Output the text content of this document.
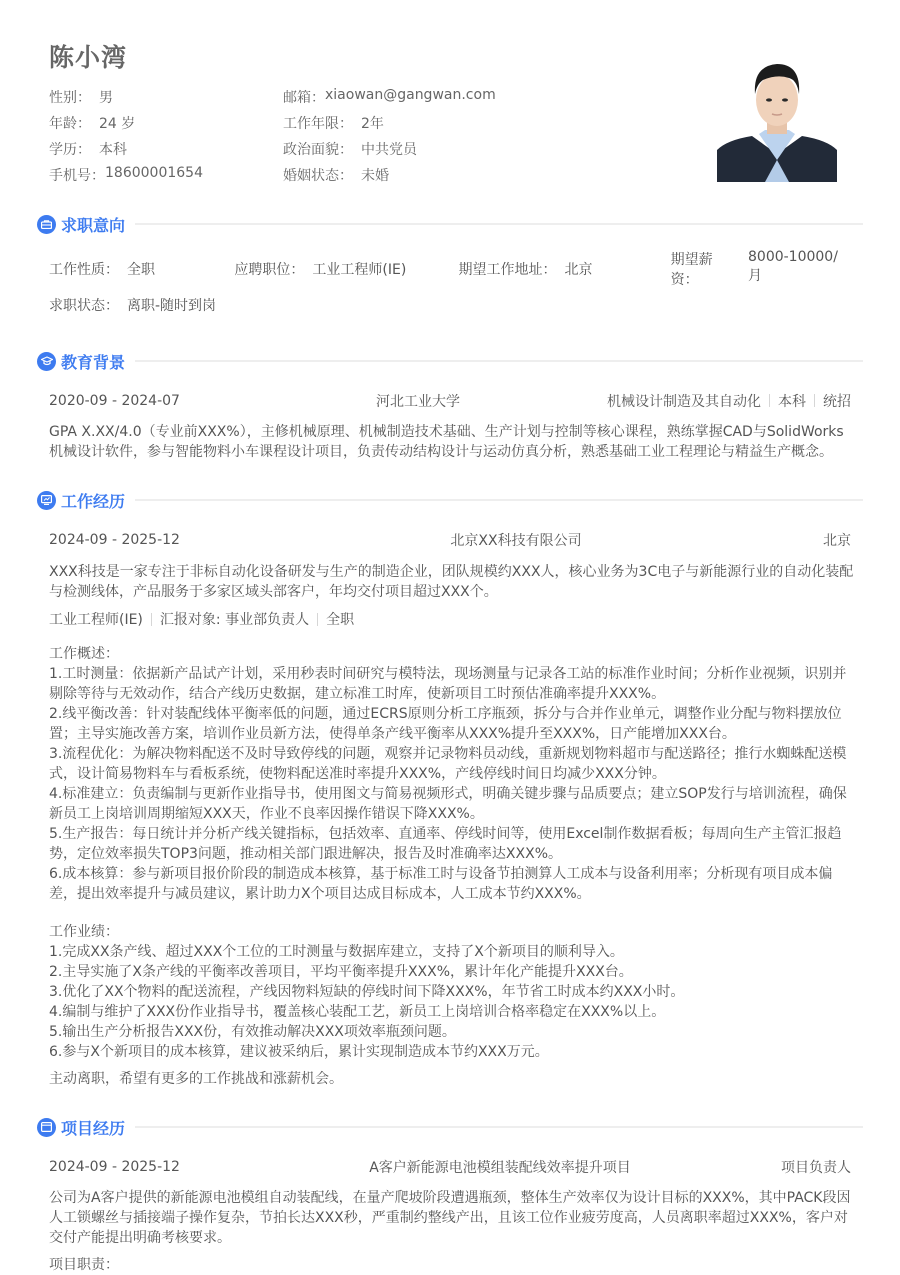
陈小湾
性别： 男	邮箱： xiaowan@gangwan.com
年龄： 24 岁	工作年限： 2年
学历： 本科	政治面貌： 中共党员
手机号： 18600001654	婚姻状态： 未婚
求职意向
工作性质： 全职	应聘职位： 工业工程师(IE)	期望工作地址： 北京
期望薪资：
8000-10000/月
求职状态： 离职-随时到岗
教育背景
2020-09 - 2024-07	河北工业大学	机械设计制造及其自动化 本科 统招
GPA X.XX/4.0（专业前XXX%），主修机械原理、机械制造技术基础、生产计划与控制等核心课程，熟练掌握CAD与SolidWorks机械设计软件，参与智能物料小车课程设计项目，负责传动结构设计与运动仿真分析，熟悉基础工业工程理论与精益生产概念。
工作经历
2024-09 - 2025-12	北京XX科技有限公司	北京
XXX科技是一家专注于非标自动化设备研发与生产的制造企业，团队规模约XXX人，核心业务为3C电子与新能源行业的自动化装配与检测线体，产品服务于多家区域头部客户，年均交付项目超过XXX个。
工业工程师(IE) 汇报对象: 事业部负责人 全职

工作概述：

1.工时测量：依据新产品试产计划，采用秒表时间研究与模特法，现场测量与记录各工站的标准作业时间；分析作业视频，识别并剔除等待与无效动作，结合产线历史数据，建立标准工时库，使新项目工时预估准确率提升XXX%。

2.线平衡改善：针对装配线体平衡率低的问题，通过ECRS原则分析工序瓶颈，拆分与合并作业单元，调整作业分配与物料摆放位置；主导实施改善方案，培训作业员新方法，使得单条产线平衡率从XXX%提升至XXX%，日产能增加XXX台。

3.流程优化：为解决物料配送不及时导致停线的问题，观察并记录物料员动线，重新规划物料超市与配送路径；推行水蜘蛛配送模式，设计简易物料车与看板系统，使物料配送准时率提升XXX%，产线停线时间日均减少XXX分钟。

4.标准建立：负责编制与更新作业指导书，使用图文与简易视频形式，明确关键步骤与品质要点；建立SOP发行与培训流程，确保新员工上岗培训周期缩短XXX天，作业不良率因操作错误下降XXX%。

5.生产报告：每日统计并分析产线关键指标，包括效率、直通率、停线时间等，使用Excel制作数据看板；每周向生产主管汇报趋势，定位效率损失TOP3问题，推动相关部门跟进解决，报告及时准确率达XXX%。

6.成本核算：参与新项目报价阶段的制造成本核算，基于标准工时与设备节拍测算人工成本与设备利用率；分析现有项目成本偏差，提出效率提升与减员建议，累计助力X个项目达成目标成本，人工成本节约XXX%。

工作业绩：

1.完成XX条产线、超过XXX个工位的工时测量与数据库建立，支持了X个新项目的顺利导入。

2.主导实施了X条产线的平衡率改善项目，平均平衡率提升XXX%，累计年化产能提升XXX台。

3.优化了XX个物料的配送流程，产线因物料短缺的停线时间下降XXX%，年节省工时成本约XXX小时。

4.编制与维护了XXX份作业指导书，覆盖核心装配工艺，新员工上岗培训合格率稳定在XXX%以上。

5.输出生产分析报告XXX份，有效推动解决XXX项效率瓶颈问题。

6.参与X个新项目的成本核算，建议被采纳后，累计实现制造成本节约XXX万元。

主动离职，希望有更多的工作挑战和涨薪机会。
项目经历
2024-09 - 2025-12	A客户新能源电池模组装配线效率提升项目	项目负责人
公司为A客户提供的新能源电池模组自动装配线，在量产爬坡阶段遭遇瓶颈，整体生产效率仅为设计目标的XXX%，其中PACK段因人工锁螺丝与插接端子操作复杂，节拍长达XXX秒，严重制约整线产出，且该工位作业疲劳度高，人员离职率超过XXX%，客户对交付产能提出明确考核要求。
项目职责：
